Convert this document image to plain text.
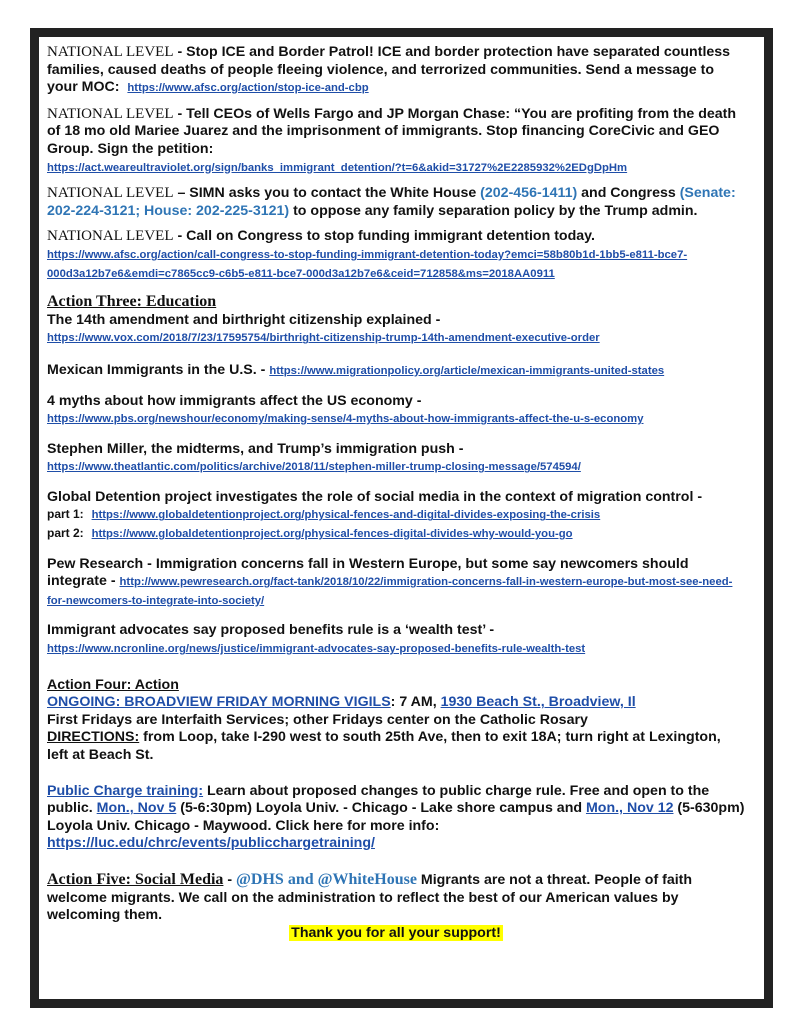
NATIONAL LEVEL - Stop ICE and Border Patrol! ICE and border protection have separated countless families, caused deaths of people fleeing violence, and terrorized communities. Send a message to your MOC: https://www.afsc.org/action/stop-ice-and-cbp

NATIONAL LEVEL - Tell CEOs of Wells Fargo and JP Morgan Chase: “You are profiting from the death of 18 mo old Mariee Juarez and the imprisonment of immigrants. Stop financing CoreCivic and GEO Group. Sign the petition:
https://act.weareultraviolet.org/sign/banks_immigrant_detention/?t=6&akid=31727%2E2285932%2EDgDpHm

NATIONAL LEVEL – SIMN asks you to contact the White House (202-456-1411) and Congress (Senate: 202-224-3121; House: 202-225-3121) to oppose any family separation policy by the Trump admin.

NATIONAL LEVEL - Call on Congress to stop funding immigrant detention today.
https://www.afsc.org/action/call-congress-to-stop-funding-immigrant-detention-today?emci=58b80b1d-1bb5-e811-bce7-000d3a12b7e6&emdi=c7865cc9-c6b5-e811-bce7-000d3a12b7e6&ceid=712858&ms=2018AA0911

Action Three: Education

The 14th amendment and birthright citizenship explained -
https://www.vox.com/2018/7/23/17595754/birthright-citizenship-trump-14th-amendment-executive-order

Mexican Immigrants in the U.S. - https://www.migrationpolicy.org/article/mexican-immigrants-united-states

4 myths about how immigrants affect the US economy -
https://www.pbs.org/newshour/economy/making-sense/4-myths-about-how-immigrants-affect-the-u-s-economy

Stephen Miller, the midterms, and Trump’s immigration push -
https://www.theatlantic.com/politics/archive/2018/11/stephen-miller-trump-closing-message/574594/

Global Detention project investigates the role of social media in the context of migration control -
part 1: https://www.globaldetentionproject.org/physical-fences-and-digital-divides-exposing-the-crisis
part 2: https://www.globaldetentionproject.org/physical-fences-digital-divides-why-would-you-go

Pew Research - Immigration concerns fall in Western Europe, but some say newcomers should integrate - http://www.pewresearch.org/fact-tank/2018/10/22/immigration-concerns-fall-in-western-europe-but-most-see-need-for-newcomers-to-integrate-into-society/

Immigrant advocates say proposed benefits rule is a ‘wealth test’ -
https://www.ncronline.org/news/justice/immigrant-advocates-say-proposed-benefits-rule-wealth-test

Action Four: Action

ONGOING: BROADVIEW FRIDAY MORNING VIGILS: 7 AM, 1930 Beach St., Broadview, Il
First Fridays are Interfaith Services; other Fridays center on the Catholic Rosary
DIRECTIONS: from Loop, take I-290 west to south 25th Ave, then to exit 18A; turn right at Lexington, left at Beach St.

Public Charge training: Learn about proposed changes to public charge rule. Free and open to the public. Mon., Nov 5 (5-6:30pm) Loyola Univ. - Chicago - Lake shore campus and Mon., Nov 12 (5-630pm) Loyola Univ. Chicago - Maywood. Click here for more info:
https://luc.edu/chrc/events/publicchargetraining/

Action Five: Social Media - @DHS and @WhiteHouse Migrants are not a threat. People of faith welcome migrants. We call on the administration to reflect the best of our American values by welcoming them.

Thank you for all your support!
